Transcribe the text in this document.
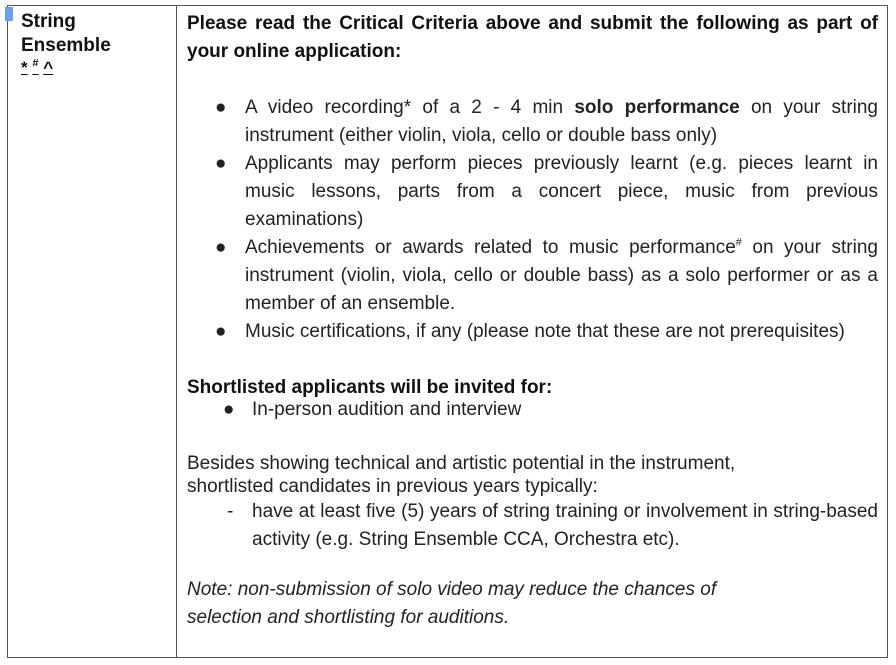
String
Ensemble
* # ^
Please read the Critical Criteria above and submit the following as part of your online application:
● A video recording* of a 2 - 4 min solo performance on your string instrument (either violin, viola, cello or double bass only)
● Applicants may perform pieces previously learnt (e.g. pieces learnt in music lessons, parts from a concert piece, music from previous examinations)
● Achievements or awards related to music performance# on your string instrument (violin, viola, cello or double bass) as a solo performer or as a member of an ensemble.
● Music certifications, if any (please note that these are not prerequisites)
Shortlisted applicants will be invited for:
● In-person audition and interview
Besides showing technical and artistic potential in the instrument,
shortlisted candidates in previous years typically:
- have at least five (5) years of string training or involvement in string-based activity (e.g. String Ensemble CCA, Orchestra etc).
Note: non-submission of solo video may reduce the chances of
selection and shortlisting for auditions.
